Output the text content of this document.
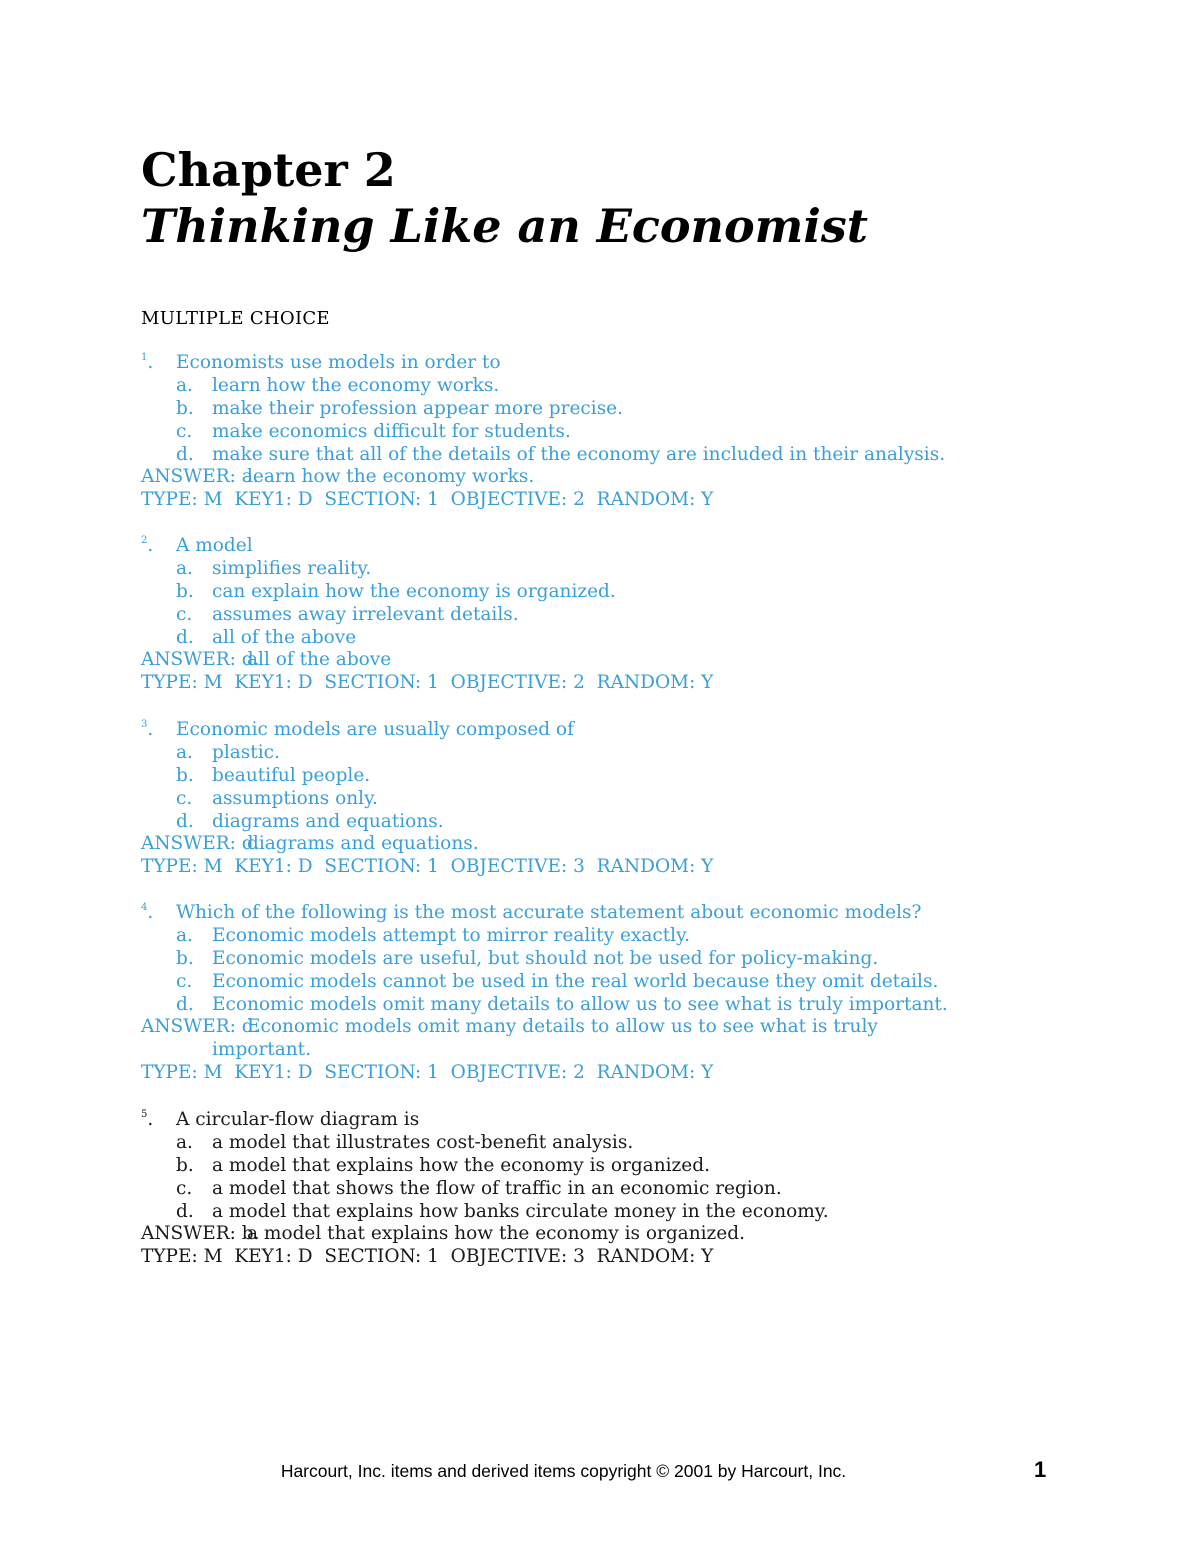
Chapter 2
Thinking Like an Economist
MULTIPLE CHOICE
$^1$. Economists use models in order to
a. learn how the economy works.
b. make their profession appear more precise.
c. make economics difficult for students.
d. make sure that all of the details of the economy are included in their analysis.
ANSWER: a.learn how the economy works.
TYPE: M  KEY1: D  SECTION: 1  OBJECTIVE: 2  RANDOM: Y
$^2$. A model
a. simplifies reality.
b. can explain how the economy is organized.
c. assumes away irrelevant details.
d. all of the above
ANSWER: d.all of the above
TYPE: M  KEY1: D  SECTION: 1  OBJECTIVE: 2  RANDOM: Y
$^3$. Economic models are usually composed of
a. plastic.
b. beautiful people.
c. assumptions only.
d. diagrams and equations.
ANSWER: d.diagrams and equations.
TYPE: M  KEY1: D  SECTION: 1  OBJECTIVE: 3  RANDOM: Y
$^4$. Which of the following is the most accurate statement about economic models?
a. Economic models attempt to mirror reality exactly.
b. Economic models are useful, but should not be used for policy-making.
c. Economic models cannot be used in the real world because they omit details.
d. Economic models omit many details to allow us to see what is truly important.
ANSWER: d.Economic models omit many details to allow us to see what is truly
important.
TYPE: M  KEY1: D  SECTION: 1  OBJECTIVE: 2  RANDOM: Y
$^5$. A circular-flow diagram is
a. a model that illustrates cost-benefit analysis.
b. a model that explains how the economy is organized.
c. a model that shows the flow of traffic in an economic region.
d. a model that explains how banks circulate money in the economy.
ANSWER: b.a model that explains how the economy is organized.
TYPE: M  KEY1: D  SECTION: 1  OBJECTIVE: 3  RANDOM: Y
Harcourt, Inc. items and derived items copyright © 2001 by Harcourt, Inc.	1
